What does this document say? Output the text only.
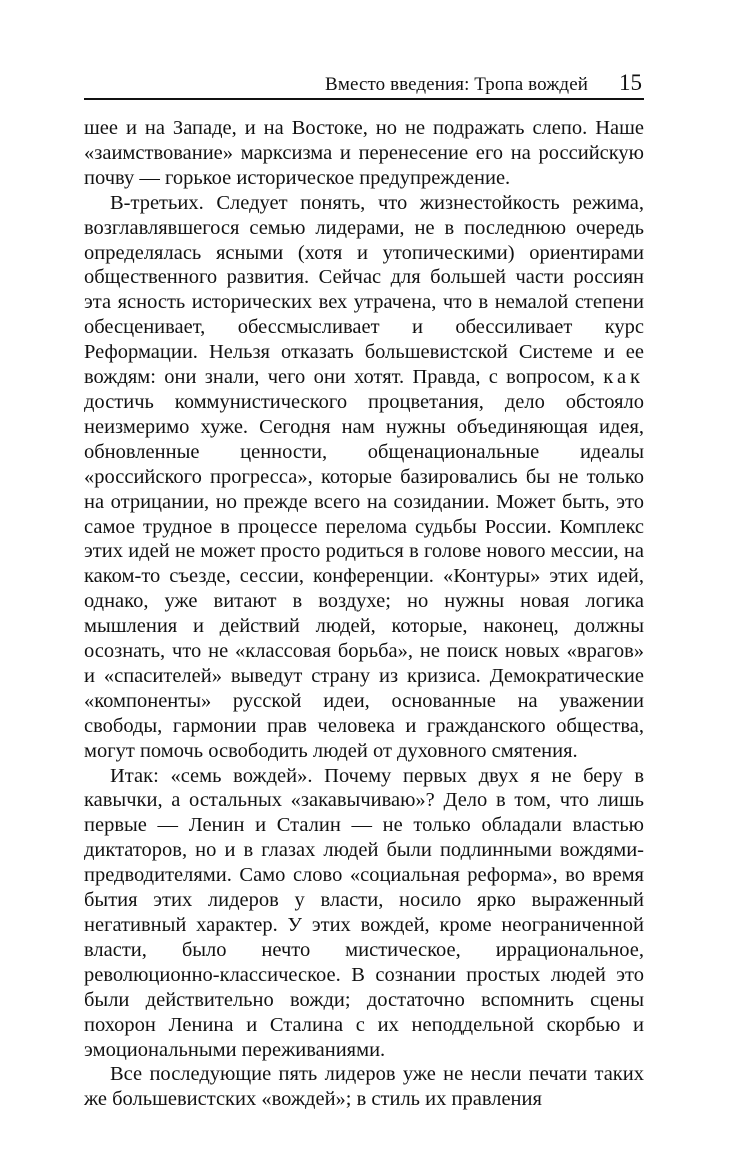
Вместо введения: Тропа вождей 15

шее и на Западе, и на Востоке, но не подражать слепо. Наше «заимствование» марксизма и перенесение его на российскую почву — горькое историческое предупреждение.

В-третьих. Следует понять, что жизнестойкость режима, возглавлявшегося семью лидерами, не в последнюю очередь определялась ясными (хотя и утопическими) ориентирами общественного развития. Сейчас для большей части россиян эта ясность исторических вех утрачена, что в немалой степени обесценивает, обессмысливает и обессиливает курс Реформации. Нельзя отказать большевистской Системе и ее вождям: они знали, чего они хотят. Правда, с вопросом, как достичь коммунистического процветания, дело обстояло неизмеримо хуже. Сегодня нам нужны объединяющая идея, обновленные ценности, общенациональные идеалы «российского прогресса», которые базировались бы не только на отрицании, но прежде всего на созидании. Может быть, это самое трудное в процессе перелома судьбы России. Комплекс этих идей не может просто родиться в голове нового мессии, на каком-то съезде, сессии, конференции. «Контуры» этих идей, однако, уже витают в воздухе; но нужны новая логика мышления и действий людей, которые, наконец, должны осознать, что не «классовая борьба», не поиск новых «врагов» и «спасителей» выведут страну из кризиса. Демократические «компоненты» русской идеи, основанные на уважении свободы, гармонии прав человека и гражданского общества, могут помочь освободить людей от духовного смятения.

Итак: «семь вождей». Почему первых двух я не беру в кавычки, а остальных «закавычиваю»? Дело в том, что лишь первые — Ленин и Сталин — не только обладали властью диктаторов, но и в глазах людей были подлинными вождями-предводителями. Само слово «социальная реформа», во время бытия этих лидеров у власти, носило ярко выраженный негативный характер. У этих вождей, кроме неограниченной власти, было нечто мистическое, иррациональное, революционно-классическое. В сознании простых людей это были действительно вожди; достаточно вспомнить сцены похорон Ленина и Сталина с их неподдельной скорбью и эмоциональными переживаниями.

Все последующие пять лидеров уже не несли печати таких же большевистских «вождей»; в стиль их правления
